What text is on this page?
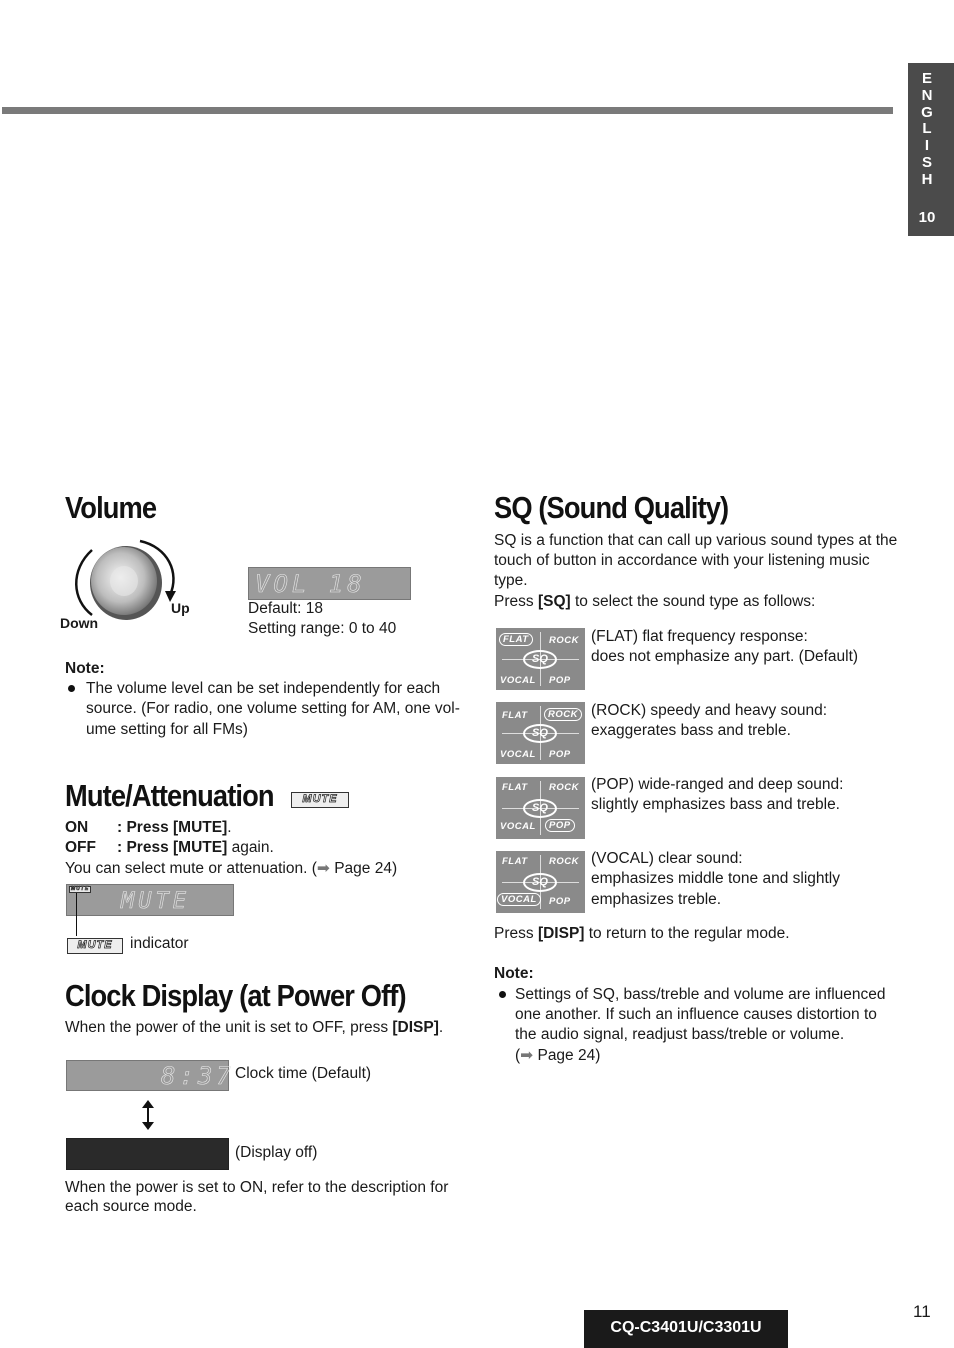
E
N
G
L
I
S
H
10
Volume
Down
Up
VOL 18
Default: 18
Setting range: 0 to 40
Note:
The volume level can be set independently for each
source. (For radio, one volume setting for AM, one vol-
ume setting for all FMs)
Mute/Attenuation	MUTE
ON : Press [MUTE].
OFF : Press [MUTE] again.
You can select mute or attenuation. (➡ Page 24)
MUTE
MUTE
MUTE	indicator
Clock Display (at Power Off)
When the power of the unit is set to OFF, press [DISP].
8:37 Clock time (Default)
(Display off)
When the power is set to ON, refer to the description for
each source mode.
SQ (Sound Quality)
SQ is a function that can call up various sound types at the
touch of button in accordance with your listening music
type.
Press [SQ] to select the sound type as follows:
FLAT	ROCK
SQ
VOCAL POP
(FLAT) flat frequency response:
does not emphasize any part. (Default)
FLAT	ROCK
SQ
VOCAL POP
(ROCK) speedy and heavy sound:
exaggerates bass and treble.
FLAT ROCK
SQ
VOCAL	POP
(POP) wide-ranged and deep sound:
slightly emphasizes bass and treble.
FLAT ROCK
SQ
VOCAL	POP
(VOCAL) clear sound:
emphasizes middle tone and slightly
emphasizes treble.
Press [DISP] to return to the regular mode.
Note:
Settings of SQ, bass/treble and volume are influenced
one another. If such an influence causes distortion to
the audio signal, readjust bass/treble or volume.
(➡ Page 24)
CQ-C3401U/C3301U
11
